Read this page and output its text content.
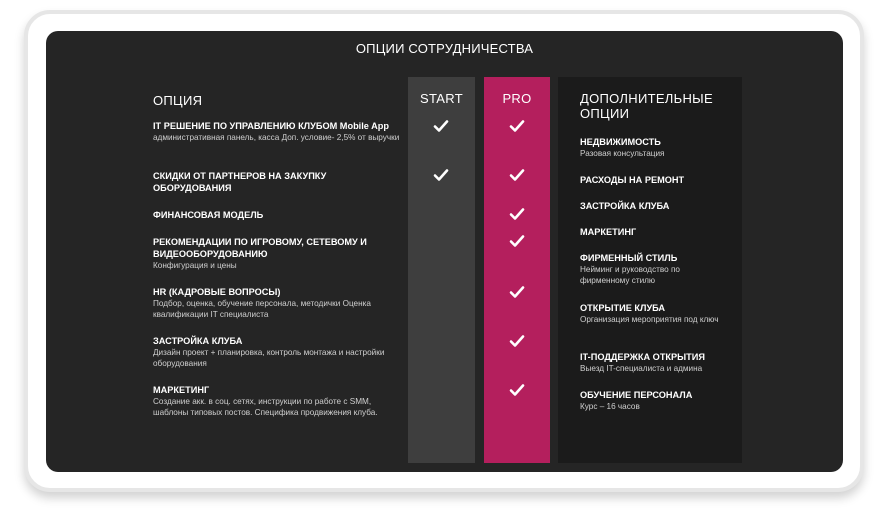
ОПЦИИ СОТРУДНИЧЕСТВА
START	PRO
ОПЦИЯ
IT РЕШЕНИЕ ПО УПРАВЛЕНИЮ КЛУБОМ Mobile App
административная панель, касса Доп. условие- 2,5% от выручки
СКИДКИ ОТ ПАРТНЕРОВ НА ЗАКУПКУ ОБОРУДОВАНИЯ
ФИНАНСОВАЯ МОДЕЛЬ
РЕКОМЕНДАЦИИ ПО ИГРОВОМУ, СЕТЕВОМУ И ВИДЕООБОРУДОВАНИЮ
Конфигурация и цены
HR (КАДРОВЫЕ ВОПРОСЫ)
Подбор, оценка, обучение персонала, методички Оценка квалификации IT специалиста
ЗАСТРОЙКА КЛУБА
Дизайн проект + планировка, контроль монтажа и настройки оборудования
МАРКЕТИНГ
Создание акк. в соц. сетях, инструкции по работе с SMM, шаблоны типовых постов. Специфика продвижения клуба.
ДОПОЛНИТЕЛЬНЫЕ ОПЦИИ
НЕДВИЖИМОСТЬ
Разовая консультация
РАСХОДЫ НА РЕМОНТ
ЗАСТРОЙКА КЛУБА
МАРКЕТИНГ
ФИРМЕННЫЙ СТИЛЬ
Нейминг и руководство по фирменному стилю
ОТКРЫТИЕ КЛУБА
Организация мероприятия под ключ
IT-ПОДДЕРЖКА ОТКРЫТИЯ
Выезд IT-специалиста и админа
ОБУЧЕНИЕ ПЕРСОНАЛА
Курс – 16 часов
